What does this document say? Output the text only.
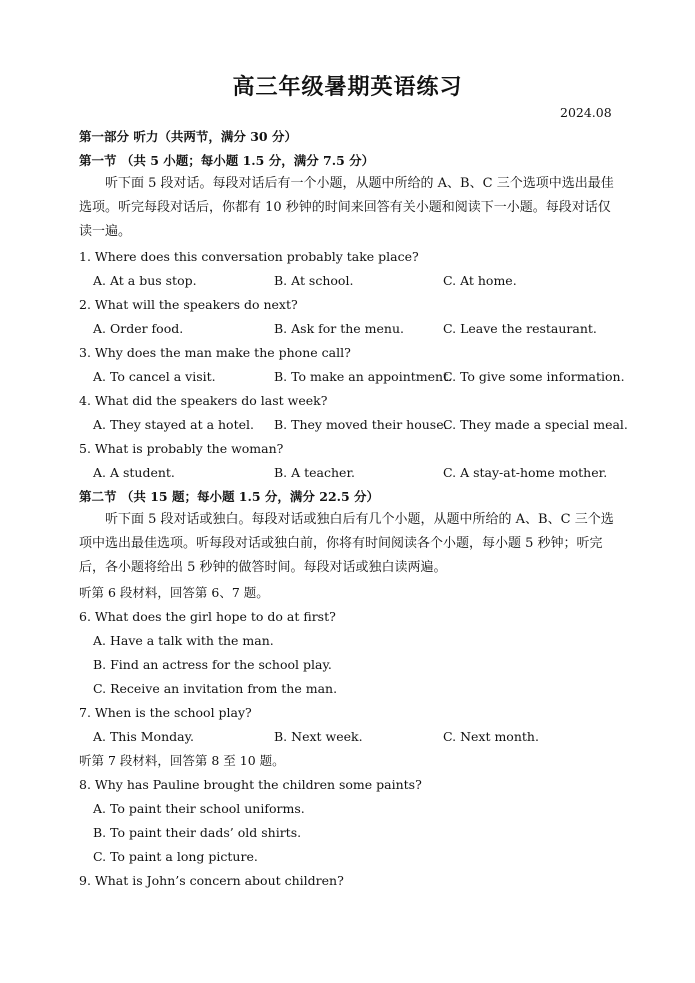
高三年级暑期英语练习
2024.08
第一部分 听力（共两节，满分 30 分）
第一节 （共 5 小题；每小题 1.5 分，满分 7.5 分）
听下面 5 段对话。每段对话后有一个小题，从题中所给的 A、B、C 三个选项中选出最佳选项。听完每段对话后，你都有 10 秒钟的时间来回答有关小题和阅读下一小题。每段对话仅读一遍。
1. Where does this conversation probably take place?
A. At a bus stop.	B. At school.	C. At home.
2. What will the speakers do next?
A. Order food.	B. Ask for the menu.	C. Leave the restaurant.
3. Why does the man make the phone call?
A. To cancel a visit.	B. To make an appointment.
C. To give some information.
4. What did the speakers do last week?
A. They stayed at a hotel. B. They moved their house.
C. They made a special meal.
5. What is probably the woman?
A. A student.	B. A teacher.	C. A stay-at-home mother.
第二节 （共 15 题；每小题 1.5 分，满分 22.5 分）
听下面 5 段对话或独白。每段对话或独白后有几个小题，从题中所给的 A、B、C 三个选项中选出最佳选项。听每段对话或独白前，你将有时间阅读各个小题，每小题 5 秒钟；听完后，各小题将给出 5 秒钟的做答时间。每段对话或独白读两遍。
听第 6 段材料，回答第 6、7 题。
6. What does the girl hope to do at first?
A. Have a talk with the man.
B. Find an actress for the school play.
C. Receive an invitation from the man.
7. When is the school play?
A. This Monday.	B. Next week.	C. Next month.
听第 7 段材料，回答第 8 至 10 题。
8. Why has Pauline brought the children some paints?
A. To paint their school uniforms.
B. To paint their dads’ old shirts.
C. To paint a long picture.
9. What is John’s concern about children?
